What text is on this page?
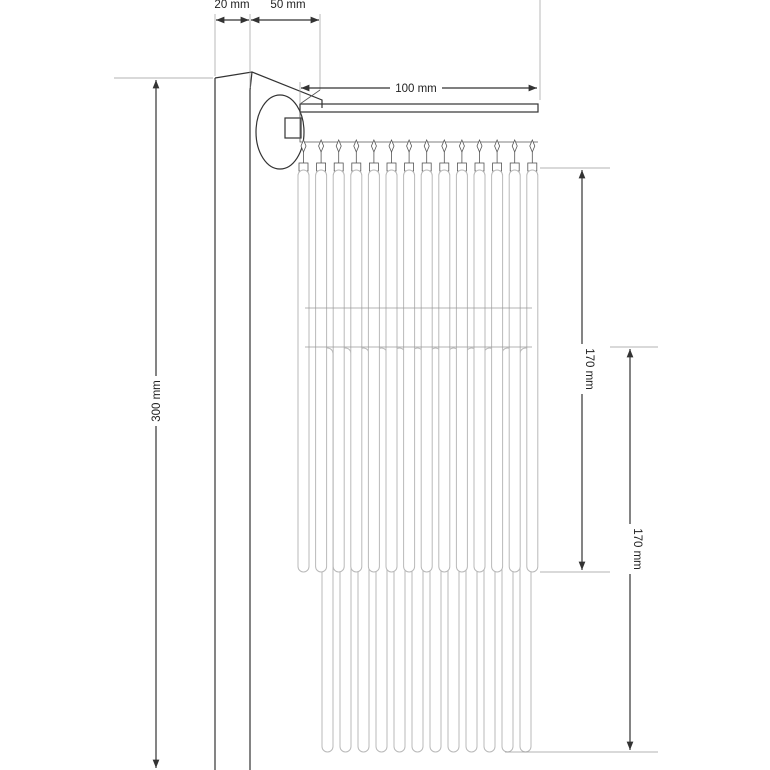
20 mm 50 mm
100 mm
300 mm
170 mm
170 mm
